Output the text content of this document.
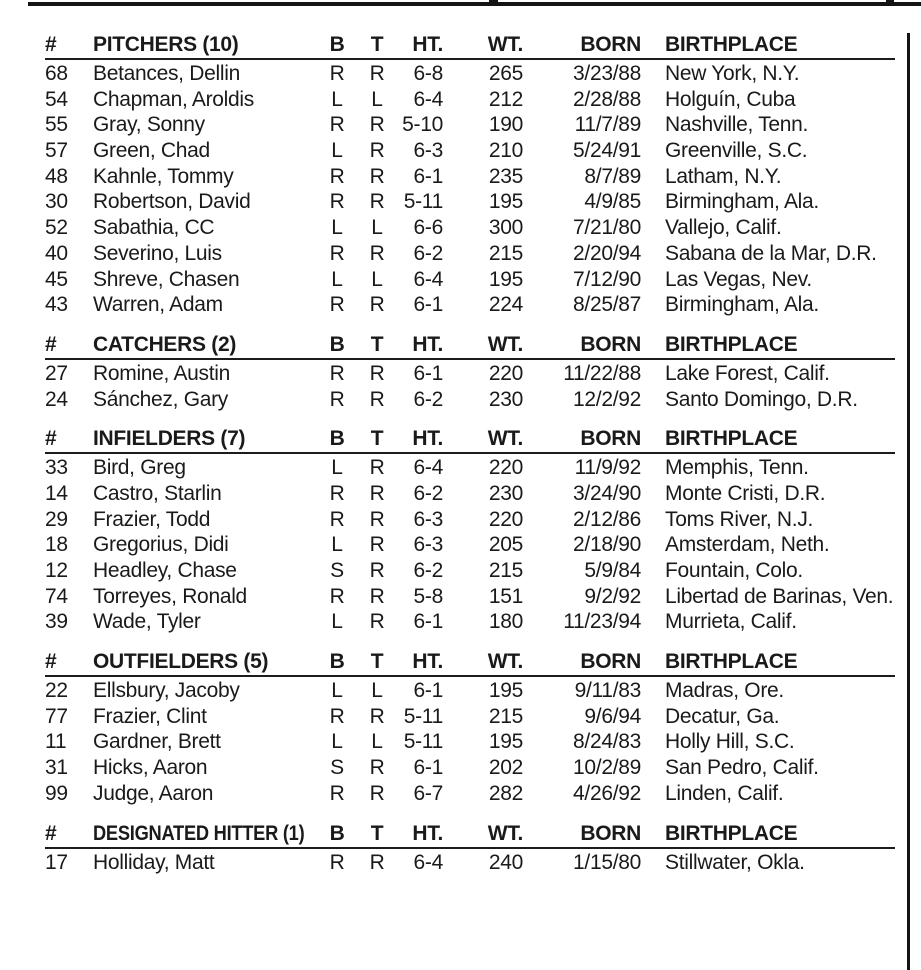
#	PITCHERS (10)	B	T	HT.	WT.	BORN	BIRTHPLACE
68	Betances, Dellin	R	R	6-8	265	3/23/88	New York, N.Y.
54	Chapman, Aroldis	L	L	6-4	212	2/28/88	Holguín, Cuba
55	Gray, Sonny	R	R 5-10	190	11/7/89	Nashville, Tenn.
57	Green, Chad	L	R	6-3	210	5/24/91	Greenville, S.C.
48	Kahnle, Tommy	R	R	6-1	235	8/7/89	Latham, N.Y.
30	Robertson, David	R	R 5-11	195	4/9/85	Birmingham, Ala.
52	Sabathia, CC	L	L	6-6	300	7/21/80	Vallejo, Calif.
40	Severino, Luis	R	R	6-2	215	2/20/94	Sabana de la Mar, D.R.
45	Shreve, Chasen	L	L	6-4	195	7/12/90	Las Vegas, Nev.
43	Warren, Adam	R	R	6-1	224	8/25/87	Birmingham, Ala.
#	CATCHERS (2)	B	T	HT.	WT.	BORN	BIRTHPLACE
27	Romine, Austin	R	R	6-1	220	11/22/88	Lake Forest, Calif.
24	Sánchez, Gary	R	R	6-2	230	12/2/92	Santo Domingo, D.R.
#	INFIELDERS (7)	B	T	HT.	WT.	BORN	BIRTHPLACE
33	Bird, Greg	L	R	6-4	220	11/9/92	Memphis, Tenn.
14	Castro, Starlin	R	R	6-2	230	3/24/90	Monte Cristi, D.R.
29	Frazier, Todd	R	R	6-3	220	2/12/86	Toms River, N.J.
18	Gregorius, Didi	L	R	6-3	205	2/18/90	Amsterdam, Neth.
12	Headley, Chase	S	R	6-2	215	5/9/84	Fountain, Colo.
74	Torreyes, Ronald	R	R	5-8	151	9/2/92	Libertad de Barinas, Ven.
39	Wade, Tyler	L	R	6-1	180	11/23/94	Murrieta, Calif.
#	OUTFIELDERS (5)	B	T	HT.	WT.	BORN	BIRTHPLACE
22	Ellsbury, Jacoby	L	L	6-1	195	9/11/83	Madras, Ore.
77	Frazier, Clint	R	R 5-11	215	9/6/94	Decatur, Ga.
11	Gardner, Brett	L	L	5-11	195	8/24/83	Holly Hill, S.C.
31	Hicks, Aaron	S	R	6-1	202	10/2/89	San Pedro, Calif.
99	Judge, Aaron	R	R	6-7	282	4/26/92	Linden, Calif.
#	DESIGNATED HITTER (1)	B	T	HT.	WT.	BORN	BIRTHPLACE
17	Holliday, Matt	R	R	6-4	240	1/15/80	Stillwater, Okla.
